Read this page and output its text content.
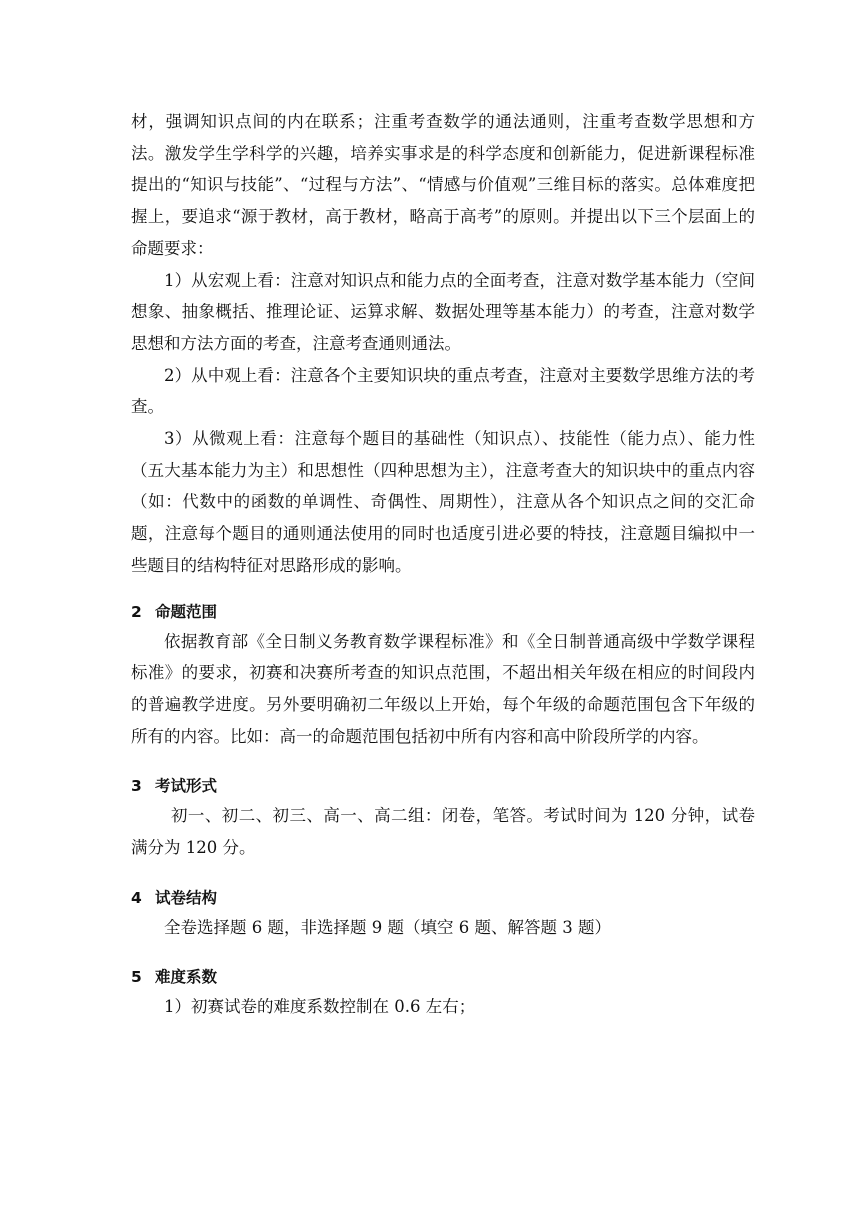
材，强调知识点间的内在联系；注重考查数学的通法通则，注重考查数学思想和方法。激发学生学科学的兴趣，培养实事求是的科学态度和创新能力，促进新课程标准提出的“知识与技能”、“过程与方法”、“情感与价值观”三维目标的落实。总体难度把握上，要追求“源于教材，高于教材，略高于高考”的原则。并提出以下三个层面上的命题要求：

1）从宏观上看：注意对知识点和能力点的全面考查，注意对数学基本能力（空间想象、抽象概括、推理论证、运算求解、数据处理等基本能力）的考查，注意对数学思想和方法方面的考查，注意考查通则通法。

2）从中观上看：注意各个主要知识块的重点考查，注意对主要数学思维方法的考查。

3）从微观上看：注意每个题目的基础性（知识点）、技能性（能力点）、能力性（五大基本能力为主）和思想性（四种思想为主），注意考查大的知识块中的重点内容（如：代数中的函数的单调性、奇偶性、周期性），注意从各个知识点之间的交汇命题，注意每个题目的通则通法使用的同时也适度引进必要的特技，注意题目编拟中一些题目的结构特征对思路形成的影响。

2 命题范围

依据教育部《全日制义务教育数学课程标准》和《全日制普通高级中学数学课程标准》的要求，初赛和决赛所考查的知识点范围，不超出相关年级在相应的时间段内的普遍教学进度。另外要明确初二年级以上开始，每个年级的命题范围包含下年级的所有的内容。比如：高一的命题范围包括初中所有内容和高中阶段所学的内容。

3 考试形式

初一、初二、初三、高一、高二组：闭卷，笔答。考试时间为 120 分钟，试卷满分为 120 分。

4 试卷结构

全卷选择题 6 题，非选择题 9 题（填空 6 题、解答题 3 题）

5 难度系数

1）初赛试卷的难度系数控制在 0.6 左右；
